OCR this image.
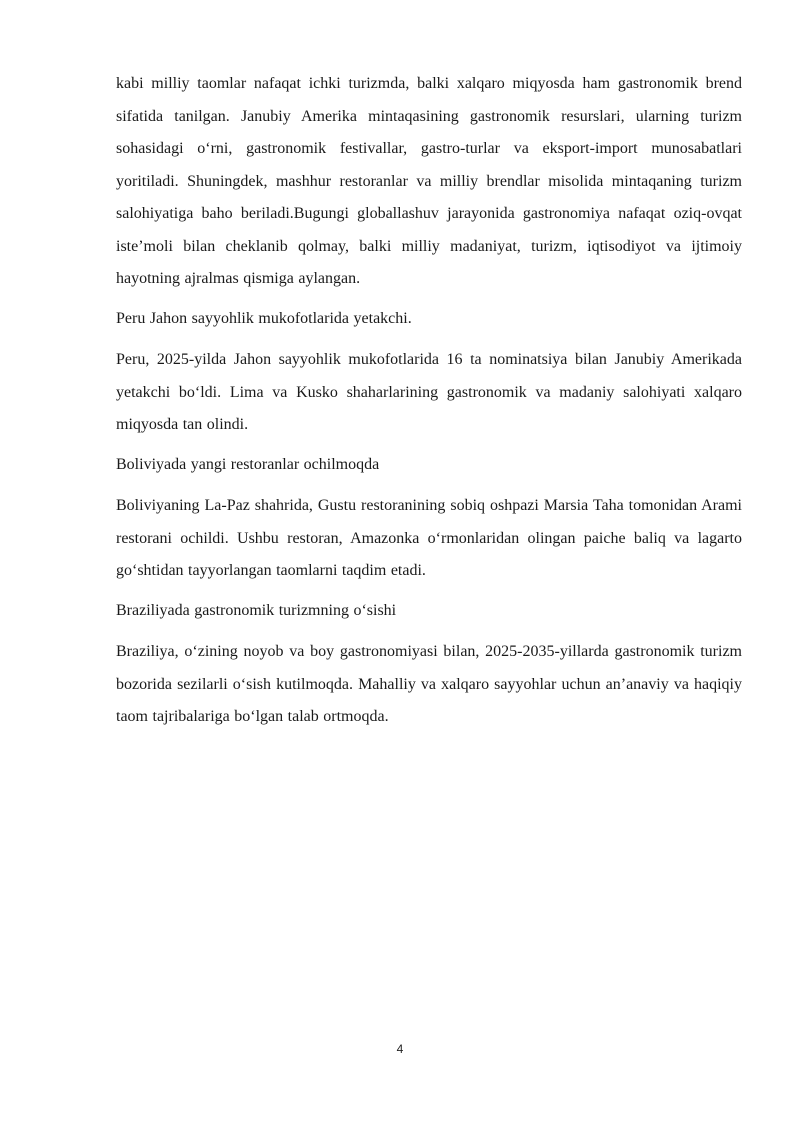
kabi milliy taomlar nafaqat ichki turizmda, balki xalqaro miqyosda ham gastronomik brend sifatida tanilgan. Janubiy Amerika mintaqasining gastronomik resurslari, ularning turizm sohasidagi o‘rni, gastronomik festivallar, gastro-turlar va eksport-import munosabatlari yoritiladi. Shuningdek, mashhur restoranlar va milliy brendlar misolida mintaqaning turizm salohiyatiga baho beriladi.Bugungi globallashuv jarayonida gastronomiya nafaqat oziq-ovqat iste’moli bilan cheklanib qolmay, balki milliy madaniyat, turizm, iqtisodiyot va ijtimoiy hayotning ajralmas qismiga aylangan.

Peru Jahon sayyohlik mukofotlarida yetakchi.

Peru, 2025-yilda Jahon sayyohlik mukofotlarida 16 ta nominatsiya bilan Janubiy Amerikada yetakchi bo‘ldi. Lima va Kusko shaharlarining gastronomik va madaniy salohiyati xalqaro miqyosda tan olindi.

Boliviyada yangi restoranlar ochilmoqda

Boliviyaning La-Paz shahrida, Gustu restoranining sobiq oshpazi Marsia Taha tomonidan Arami restorani ochildi. Ushbu restoran, Amazonka o‘rmonlaridan olingan paiche baliq va lagarto go‘shtidan tayyorlangan taomlarni taqdim etadi.

Braziliyada gastronomik turizmning o‘sishi

Braziliya, o‘zining noyob va boy gastronomiyasi bilan, 2025-2035-yillarda gastronomik turizm bozorida sezilarli o‘sish kutilmoqda. Mahalliy va xalqaro sayyohlar uchun an’anaviy va haqiqiy taom tajribalariga bo‘lgan talab ortmoqda.

4
